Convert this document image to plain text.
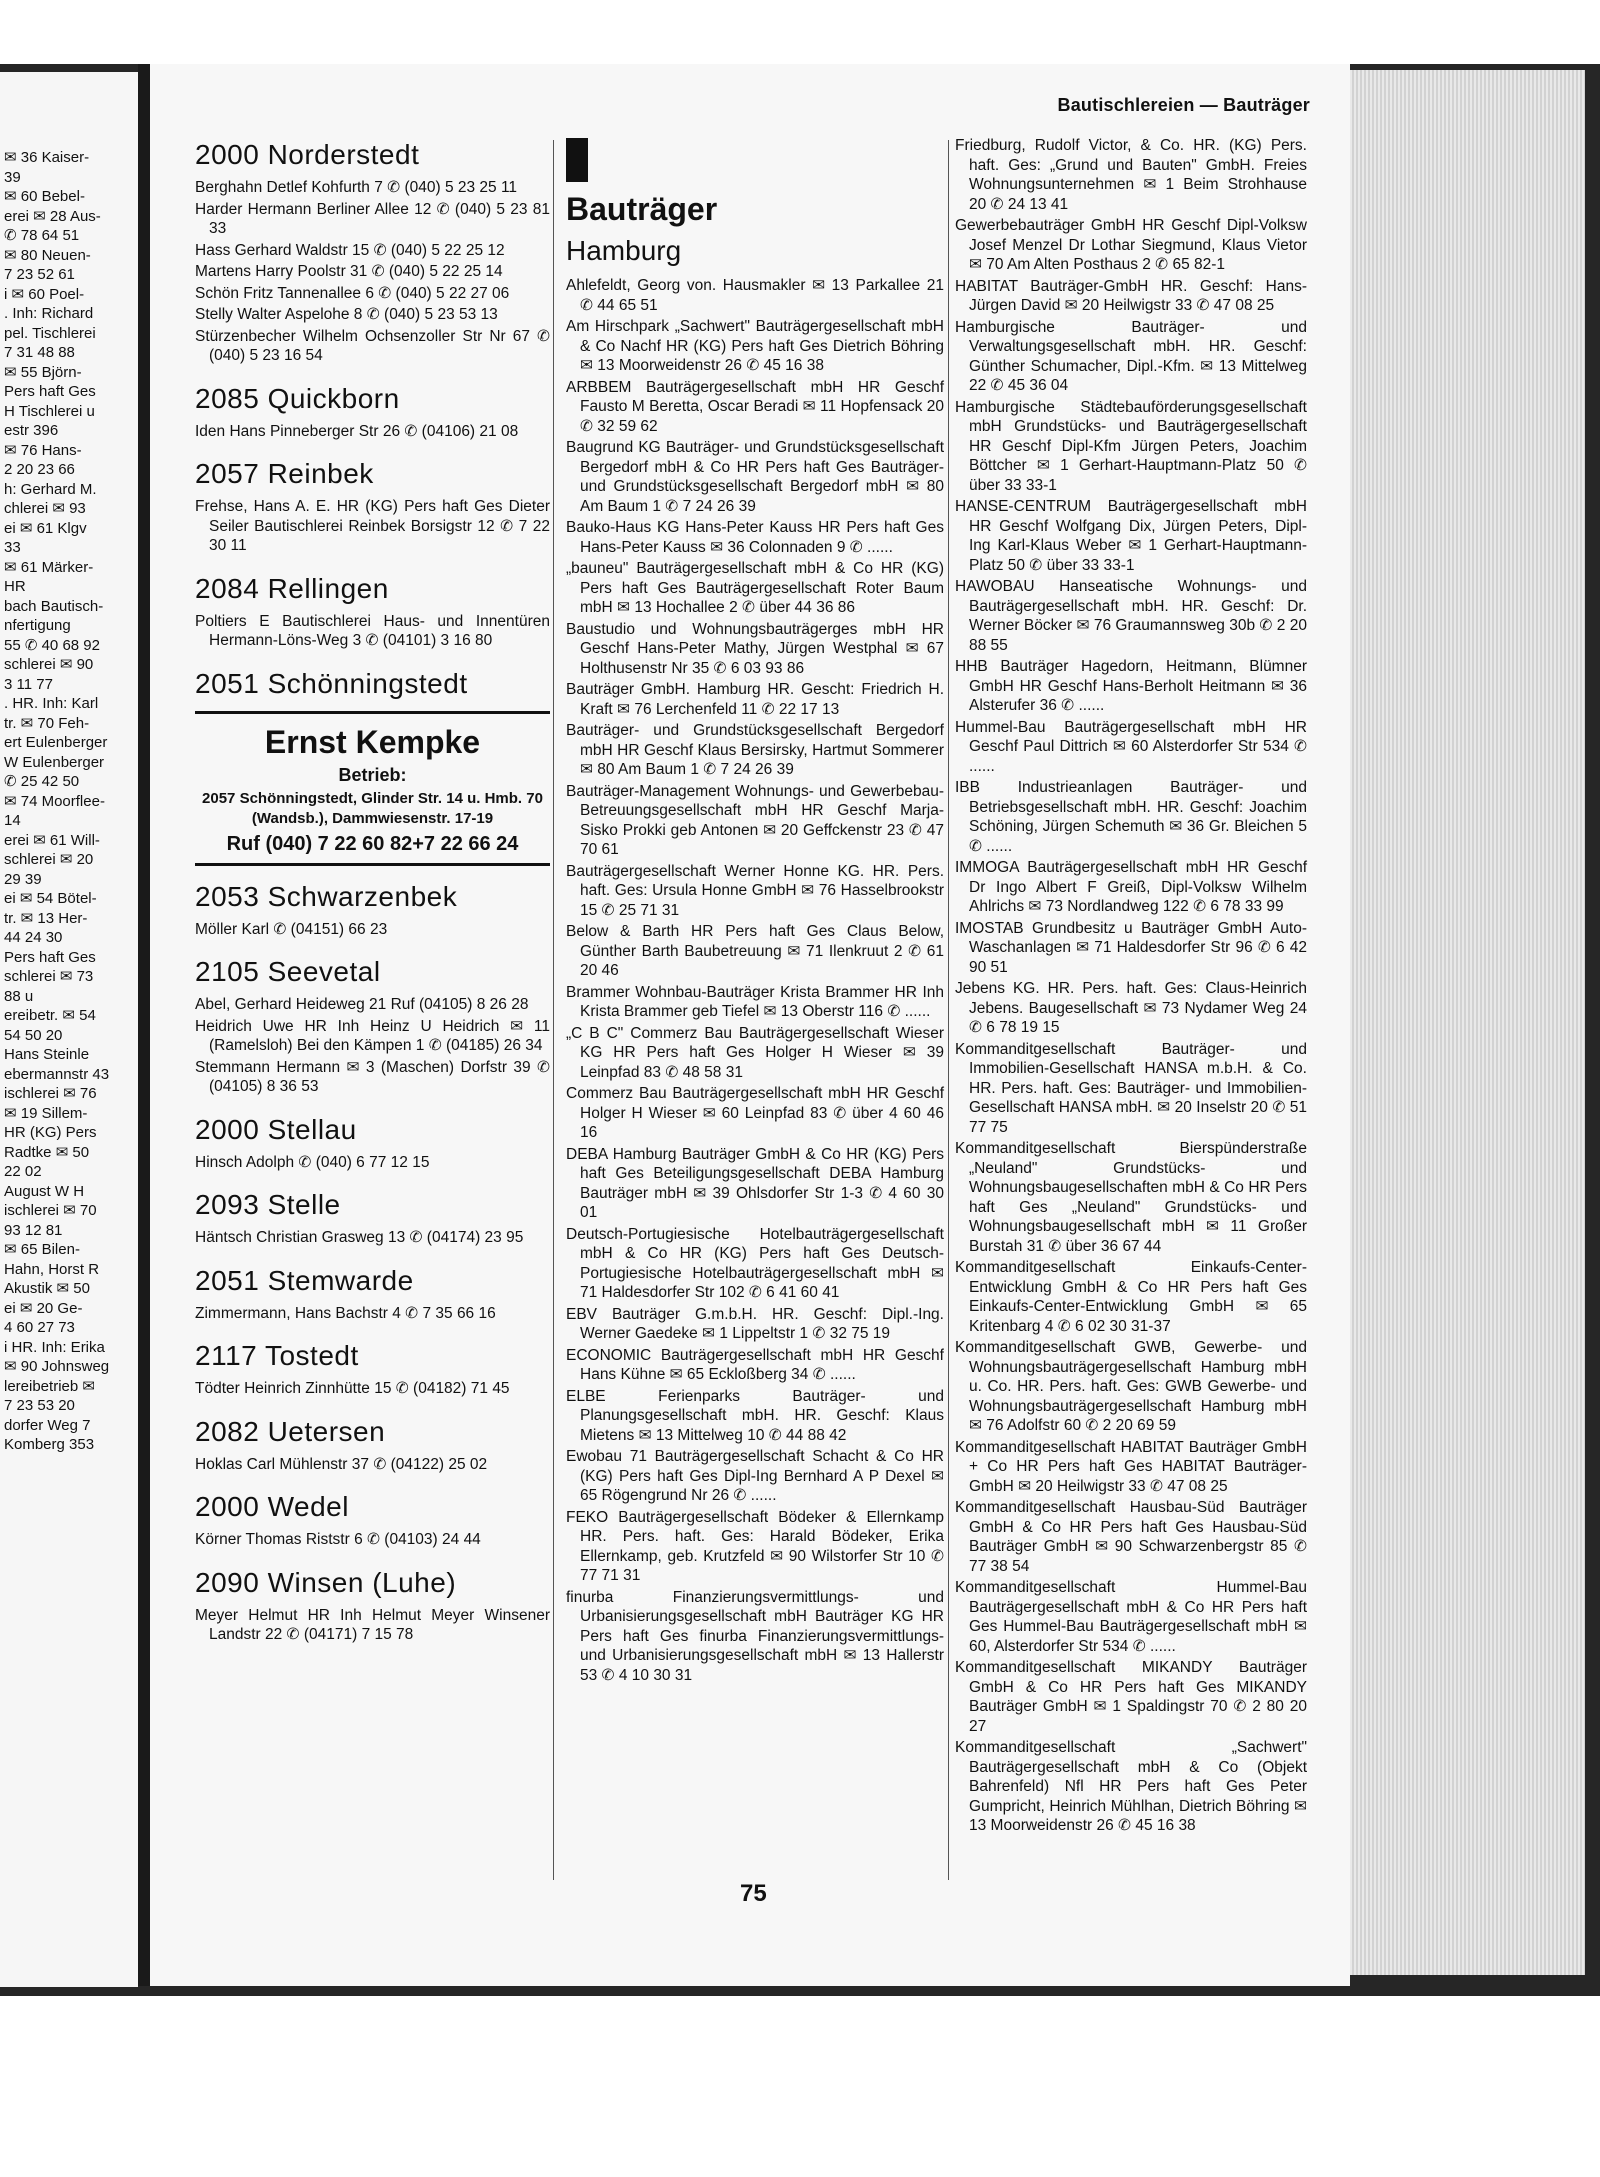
✉ 36 Kaiser-
39
✉ 60 Bebel-
erei ✉ 28 Aus-
✆ 78 64 51
✉ 80 Neuen-
7 23 52 61
i ✉ 60 Poel-
. Inh: Richard
pel. Tischlerei
7 31 48 88
✉ 55 Björn-
Pers haft Ges
H Tischlerei u
estr 396
✉ 76 Hans-
2 20 23 66
h: Gerhard M.
chlerei ✉ 93
ei ✉ 61 Klgv
33
✉ 61 Märker-
HR
bach Bautisch-
nfertigung
55 ✆ 40 68 92
schlerei ✉ 90
3 11 77
. HR. Inh: Karl
tr. ✉ 70 Feh-
ert Eulenberger
W Eulenberger
✆ 25 42 50
✉ 74 Moorflee-
14
erei ✉ 61 Will-
schlerei ✉ 20
29 39
ei ✉ 54 Bötel-
tr. ✉ 13 Her-
44 24 30
Pers haft Ges
schlerei ✉ 73
88 u
ereibetr. ✉ 54
54 50 20
Hans Steinle
ebermannstr 43
ischlerei ✉ 76
✉ 19 Sillem-
HR (KG) Pers
Radtke ✉ 50
22 02
August W H
ischlerei ✉ 70
93 12 81
✉ 65 Bilen-
Hahn, Horst R
Akustik ✉ 50
ei ✉ 20 Ge-
4 60 27 73
i HR. Inh: Erika
✉ 90 Johnsweg
lereibetrieb ✉
7 23 53 20
dorfer Weg 7
Komberg 353
Bautischlereien — Bauträger
2000 Norderstedt
Berghahn Detlef Kohfurth 7 ✆ (040) 5 23 25 11
Harder Hermann Berliner Allee 12 ✆ (040) 5 23 81 33
Hass Gerhard Waldstr 15 ✆ (040) 5 22 25 12
Martens Harry Poolstr 31 ✆ (040) 5 22 25 14
Schön Fritz Tannenallee 6 ✆ (040) 5 22 27 06
Stelly Walter Aspelohe 8 ✆ (040) 5 23 53 13
Stürzenbecher Wilhelm Ochsenzoller Str Nr 67 ✆ (040) 5 23 16 54
2085 Quickborn
Iden Hans Pinneberger Str 26 ✆ (04106) 21 08
2057 Reinbek
Frehse, Hans A. E. HR (KG) Pers haft Ges Dieter Seiler Bautischlerei Reinbek Borsigstr 12 ✆ 7 22 30 11
2084 Rellingen
Poltiers E Bautischlerei Haus- und Innentüren Hermann-Löns-Weg 3 ✆ (04101) 3 16 80
2051 Schönningstedt
Ernst Kempke
Betrieb:
2057 Schönningstedt, Glinder Str. 14 u. Hmb. 70 (Wandsb.), Dammwiesenstr. 17-19
Ruf (040) 7 22 60 82+7 22 66 24
2053 Schwarzenbek
Möller Karl ✆ (04151) 66 23
2105 Seevetal
Abel, Gerhard Heideweg 21 Ruf (04105) 8 26 28
Heidrich Uwe HR Inh Heinz U Heidrich ✉ 11 (Ramelsloh) Bei den Kämpen 1 ✆ (04185) 26 34
Stemmann Hermann ✉ 3 (Maschen) Dorfstr 39 ✆ (04105) 8 36 53
2000 Stellau
Hinsch Adolph ✆ (040) 6 77 12 15
2093 Stelle
Häntsch Christian Grasweg 13 ✆ (04174) 23 95
2051 Stemwarde
Zimmermann, Hans Bachstr 4 ✆ 7 35 66 16
2117 Tostedt
Tödter Heinrich Zinnhütte 15 ✆ (04182) 71 45
2082 Uetersen
Hoklas Carl Mühlenstr 37 ✆ (04122) 25 02
2000 Wedel
Körner Thomas Riststr 6 ✆ (04103) 24 44
2090 Winsen (Luhe)
Meyer Helmut HR Inh Helmut Meyer Winsener Landstr 22 ✆ (04171) 7 15 78
Bauträger
Hamburg
Ahlefeldt, Georg von. Hausmakler ✉ 13 Parkallee 21 ✆ 44 65 51
Am Hirschpark „Sachwert" Bauträgergesellschaft mbH & Co Nachf HR (KG) Pers haft Ges Dietrich Böhring ✉ 13 Moorweidenstr 26 ✆ 45 16 38
ARBBEM Bauträgergesellschaft mbH HR Geschf Fausto M Beretta, Oscar Beradi ✉ 11 Hopfensack 20 ✆ 32 59 62
Baugrund KG Bauträger- und Grundstücksgesellschaft Bergedorf mbH & Co HR Pers haft Ges Bauträger- und Grundstücksgesellschaft Bergedorf mbH ✉ 80 Am Baum 1 ✆ 7 24 26 39
Bauko-Haus KG Hans-Peter Kauss HR Pers haft Ges Hans-Peter Kauss ✉ 36 Colonnaden 9 ✆ ......
„bauneu" Bauträgergesellschaft mbH & Co HR (KG) Pers haft Ges Bauträgergesellschaft Roter Baum mbH ✉ 13 Hochallee 2 ✆ über 44 36 86
Baustudio und Wohnungsbauträgerges mbH HR Geschf Hans-Peter Mathy, Jürgen Westphal ✉ 67 Holthusenstr Nr 35 ✆ 6 03 93 86
Bauträger GmbH. Hamburg HR. Gescht: Friedrich H. Kraft ✉ 76 Lerchenfeld 11 ✆ 22 17 13
Bauträger- und Grundstücksgesellschaft Bergedorf mbH HR Geschf Klaus Bersirsky, Hartmut Sommerer ✉ 80 Am Baum 1 ✆ 7 24 26 39
Bauträger-Management Wohnungs- und Gewerbebau-Betreuungsgesellschaft mbH HR Geschf Marja-Sisko Prokki geb Antonen ✉ 20 Geffckenstr 23 ✆ 47 70 61
Bauträgergesellschaft Werner Honne KG. HR. Pers. haft. Ges: Ursula Honne GmbH ✉ 76 Hasselbrookstr 15 ✆ 25 71 31
Below & Barth HR Pers haft Ges Claus Below, Günther Barth Baubetreuung ✉ 71 Ilenkruut 2 ✆ 61 20 46
Brammer Wohnbau-Bauträger Krista Brammer HR Inh Krista Brammer geb Tiefel ✉ 13 Oberstr 116 ✆ ......
„C B C" Commerz Bau Bauträgergesellschaft Wieser KG HR Pers haft Ges Holger H Wieser ✉ 39 Leinpfad 83 ✆ 48 58 31
Commerz Bau Bauträgergesellschaft mbH HR Geschf Holger H Wieser ✉ 60 Leinpfad 83 ✆ über 4 60 46 16
DEBA Hamburg Bauträger GmbH & Co HR (KG) Pers haft Ges Beteiligungsgesellschaft DEBA Hamburg Bauträger mbH ✉ 39 Ohlsdorfer Str 1-3 ✆ 4 60 30 01
Deutsch-Portugiesische Hotelbauträgergesellschaft mbH & Co HR (KG) Pers haft Ges Deutsch-Portugiesische Hotelbauträgergesellschaft mbH ✉ 71 Haldesdorfer Str 102 ✆ 6 41 60 41
EBV Bauträger G.m.b.H. HR. Geschf: Dipl.-Ing. Werner Gaedeke ✉ 1 Lippeltstr 1 ✆ 32 75 19
ECONOMIC Bauträgergesellschaft mbH HR Geschf Hans Kühne ✉ 65 Eckloßberg 34 ✆ ......
ELBE Ferienparks Bauträger- und Planungsgesellschaft mbH. HR. Geschf: Klaus Mietens ✉ 13 Mittelweg 10 ✆ 44 88 42
Ewobau 71 Bauträgergesellschaft Schacht & Co HR (KG) Pers haft Ges Dipl-Ing Bernhard A P Dexel ✉ 65 Rögengrund Nr 26 ✆ ......
FEKO Bauträgergesellschaft Bödeker & Ellernkamp HR. Pers. haft. Ges: Harald Bödeker, Erika Ellernkamp, geb. Krutzfeld ✉ 90 Wilstorfer Str 10 ✆ 77 71 31
finurba Finanzierungsvermittlungs- und Urbanisierungsgesellschaft mbH Bauträger KG HR Pers haft Ges finurba Finanzierungsvermittlungs- und Urbanisierungsgesellschaft mbH ✉ 13 Hallerstr 53 ✆ 4 10 30 31
Friedburg, Rudolf Victor, & Co. HR. (KG) Pers. haft. Ges: „Grund und Bauten" GmbH. Freies Wohnungsunternehmen ✉ 1 Beim Strohhause 20 ✆ 24 13 41
Gewerbebauträger GmbH HR Geschf Dipl-Volksw Josef Menzel Dr Lothar Siegmund, Klaus Vietor ✉ 70 Am Alten Posthaus 2 ✆ 65 82-1
HABITAT Bauträger-GmbH HR. Geschf: Hans-Jürgen David ✉ 20 Heilwigstr 33 ✆ 47 08 25
Hamburgische Bauträger- und Verwaltungsgesellschaft mbH. HR. Geschf: Günther Schumacher, Dipl.-Kfm. ✉ 13 Mittelweg 22 ✆ 45 36 04
Hamburgische Städtebauförderungsgesellschaft mbH Grundstücks- und Bauträgergesellschaft HR Geschf Dipl-Kfm Jürgen Peters, Joachim Böttcher ✉ 1 Gerhart-Hauptmann-Platz 50 ✆ über 33 33-1
HANSE-CENTRUM Bauträgergesellschaft mbH HR Geschf Wolfgang Dix, Jürgen Peters, Dipl-Ing Karl-Klaus Weber ✉ 1 Gerhart-Hauptmann-Platz 50 ✆ über 33 33-1
HAWOBAU Hanseatische Wohnungs- und Bauträgergesellschaft mbH. HR. Geschf: Dr. Werner Böcker ✉ 76 Graumannsweg 30b ✆ 2 20 88 55
HHB Bauträger Hagedorn, Heitmann, Blümner GmbH HR Geschf Hans-Berholt Heitmann ✉ 36 Alsterufer 36 ✆ ......
Hummel-Bau Bauträgergesellschaft mbH HR Geschf Paul Dittrich ✉ 60 Alsterdorfer Str 534 ✆ ......
IBB Industrieanlagen Bauträger- und Betriebsgesellschaft mbH. HR. Geschf: Joachim Schöning, Jürgen Schemuth ✉ 36 Gr. Bleichen 5 ✆ ......
IMMOGA Bauträgergesellschaft mbH HR Geschf Dr Ingo Albert F Greiß, Dipl-Volksw Wilhelm Ahlrichs ✉ 73 Nordlandweg 122 ✆ 6 78 33 99
IMOSTAB Grundbesitz u Bauträger GmbH Auto-Waschanlagen ✉ 71 Haldesdorfer Str 96 ✆ 6 42 90 51
Jebens KG. HR. Pers. haft. Ges: Claus-Heinrich Jebens. Baugesellschaft ✉ 73 Nydamer Weg 24 ✆ 6 78 19 15
Kommanditgesellschaft Bauträger- und Immobilien-Gesellschaft HANSA m.b.H. & Co. HR. Pers. haft. Ges: Bauträger- und Immobilien-Gesellschaft HANSA mbH. ✉ 20 Inselstr 20 ✆ 51 77 75
Kommanditgesellschaft Bierspünderstraße „Neuland" Grundstücks- und Wohnungsbaugesellschaften mbH & Co HR Pers haft Ges „Neuland" Grundstücks- und Wohnungsbaugesellschaft mbH ✉ 11 Großer Burstah 31 ✆ über 36 67 44
Kommanditgesellschaft Einkaufs-Center-Entwicklung GmbH & Co HR Pers haft Ges Einkaufs-Center-Entwicklung GmbH ✉ 65 Kritenbarg 4 ✆ 6 02 30 31-37
Kommanditgesellschaft GWB, Gewerbe- und Wohnungsbauträgergesellschaft Hamburg mbH u. Co. HR. Pers. haft. Ges: GWB Gewerbe- und Wohnungsbauträgergesellschaft Hamburg mbH ✉ 76 Adolfstr 60 ✆ 2 20 69 59
Kommanditgesellschaft HABITAT Bauträger GmbH + Co HR Pers haft Ges HABITAT Bauträger-GmbH ✉ 20 Heilwigstr 33 ✆ 47 08 25
Kommanditgesellschaft Hausbau-Süd Bauträger GmbH & Co HR Pers haft Ges Hausbau-Süd Bauträger GmbH ✉ 90 Schwarzenbergstr 85 ✆ 77 38 54
Kommanditgesellschaft Hummel-Bau Bauträgergesellschaft mbH & Co HR Pers haft Ges Hummel-Bau Bauträgergesellschaft mbH ✉ 60, Alsterdorfer Str 534 ✆ ......
Kommanditgesellschaft MIKANDY Bauträger GmbH & Co HR Pers haft Ges MIKANDY Bauträger GmbH ✉ 1 Spaldingstr 70 ✆ 2 80 20 27
Kommanditgesellschaft „Sachwert" Bauträgergesellschaft mbH & Co (Objekt Bahrenfeld) Nfl HR Pers haft Ges Peter Gumpricht, Heinrich Mühlhan, Dietrich Böhring ✉ 13 Moorweidenstr 26 ✆ 45 16 38
75
